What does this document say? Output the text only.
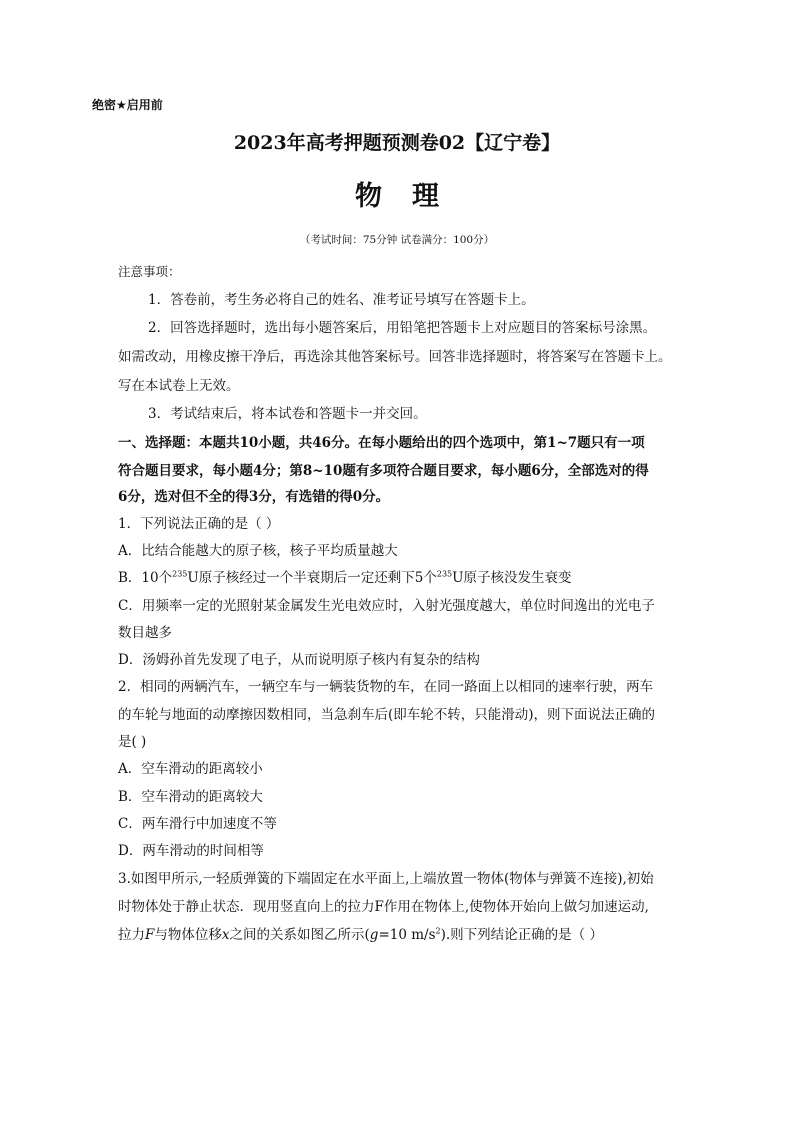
绝密★启用前
2023年高考押题预测卷02【辽宁卷】
物理
（考试时间：75分钟 试卷满分：100分）
注意事项：
1．答卷前，考生务必将自己的姓名、准考证号填写在答题卡上。
2．回答选择题时，选出每小题答案后，用铅笔把答题卡上对应题目的答案标号涂黑。
如需改动，用橡皮擦干净后，再选涂其他答案标号。回答非选择题时，将答案写在答题卡上。
写在本试卷上无效。
3．考试结束后，将本试卷和答题卡一并交回。
一、选择题：本题共10小题，共46分。在每小题给出的四个选项中，第1~7题只有一项
符合题目要求，每小题4分；第8~10题有多项符合题目要求，每小题6分，全部选对的得
6分，选对但不全的得3分，有选错的得0分。
1．下列说法正确的是（ ）
A．比结合能越大的原子核，核子平均质量越大
B．10个$^{235}$U原子核经过一个半衰期后一定还剩下5个$^{235}$U原子核没发生衰变
C．用频率一定的光照射某金属发生光电效应时，入射光强度越大，单位时间逸出的光电子
数目越多
D．汤姆孙首先发现了电子，从而说明原子核内有复杂的结构
2．相同的两辆汽车，一辆空车与一辆装货物的车，在同一路面上以相同的速率行驶，两车
的车轮与地面的动摩擦因数相同，当急刹车后(即车轮不转，只能滑动)，则下面说法正确的
是( )
A．空车滑动的距离较小
B．空车滑动的距离较大
C．两车滑行中加速度不等
D．两车滑动的时间相等
3.如图甲所示,一轻质弹簧的下端固定在水平面上,上端放置一物体(物体与弹簧不连接),初始
时物体处于静止状态．现用竖直向上的拉力F作用在物体上,使物体开始向上做匀加速运动,
拉力F与物体位移x之间的关系如图乙所示(g=10 $m/s^2$).则下列结论正确的是（ ）
